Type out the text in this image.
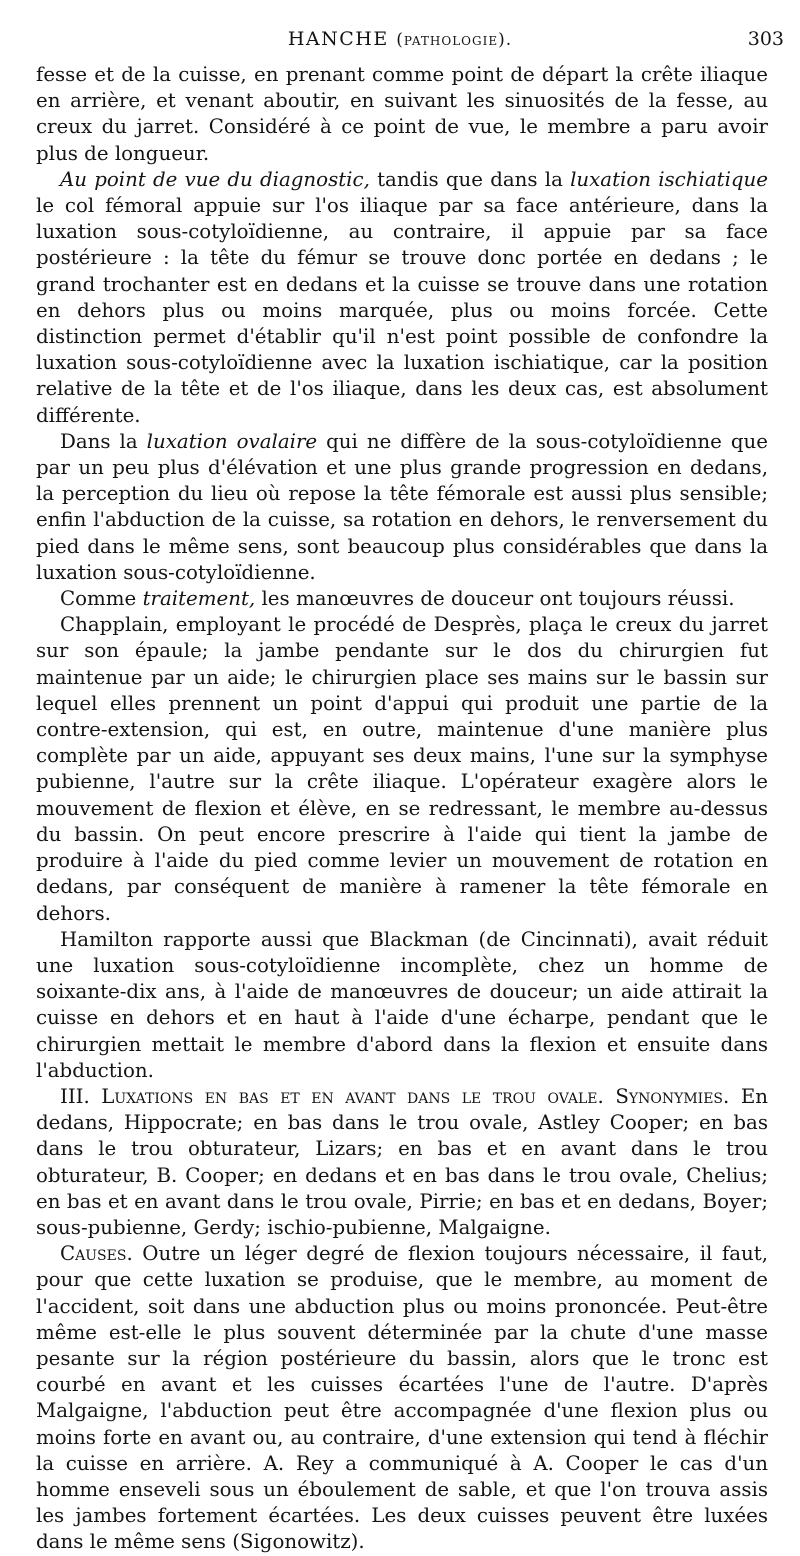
HANCHE (pathologie).	303

fesse et de la cuisse, en prenant comme point de départ la crête iliaque en arrière, et venant aboutir, en suivant les sinuosités de la fesse, au creux du jarret. Considéré à ce point de vue, le membre a paru avoir plus de longueur.

Au point de vue du diagnostic, tandis que dans la luxation ischiatique le col fémoral appuie sur l'os iliaque par sa face antérieure, dans la luxation sous-cotyloïdienne, au contraire, il appuie par sa face postérieure : la tête du fémur se trouve donc portée en dedans ; le grand trochanter est en dedans et la cuisse se trouve dans une rotation en dehors plus ou moins marquée, plus ou moins forcée. Cette distinction permet d'établir qu'il n'est point possible de confondre la luxation sous-cotyloïdienne avec la luxation ischiatique, car la position relative de la tête et de l'os iliaque, dans les deux cas, est absolument différente.

Dans la luxation ovalaire qui ne diffère de la sous-cotyloïdienne que par un peu plus d'élévation et une plus grande progression en dedans, la perception du lieu où repose la tête fémorale est aussi plus sensible; enfin l'abduction de la cuisse, sa rotation en dehors, le renversement du pied dans le même sens, sont beaucoup plus considérables que dans la luxation sous-cotyloïdienne.

Comme traitement, les manœuvres de douceur ont toujours réussi.

Chapplain, employant le procédé de Desprès, plaça le creux du jarret sur son épaule; la jambe pendante sur le dos du chirurgien fut maintenue par un aide; le chirurgien place ses mains sur le bassin sur lequel elles prennent un point d'appui qui produit une partie de la contre-extension, qui est, en outre, maintenue d'une manière plus complète par un aide, appuyant ses deux mains, l'une sur la symphyse pubienne, l'autre sur la crête iliaque. L'opérateur exagère alors le mouvement de flexion et élève, en se redressant, le membre au-dessus du bassin. On peut encore prescrire à l'aide qui tient la jambe de produire à l'aide du pied comme levier un mouvement de rotation en dedans, par conséquent de manière à ramener la tête fémorale en dehors.

Hamilton rapporte aussi que Blackman (de Cincinnati), avait réduit une luxation sous-cotyloïdienne incomplète, chez un homme de soixante-dix ans, à l'aide de manœuvres de douceur; un aide attirait la cuisse en dehors et en haut à l'aide d'une écharpe, pendant que le chirurgien mettait le membre d'abord dans la flexion et ensuite dans l'abduction.

III. Luxations en bas et en avant dans le trou ovale. Synonymies. En dedans, Hippocrate; en bas dans le trou ovale, Astley Cooper; en bas dans le trou obturateur, Lizars; en bas et en avant dans le trou obturateur, B. Cooper; en dedans et en bas dans le trou ovale, Chelius; en bas et en avant dans le trou ovale, Pirrie; en bas et en dedans, Boyer; sous-pubienne, Gerdy; ischio-pubienne, Malgaigne.

Causes. Outre un léger degré de flexion toujours nécessaire, il faut, pour que cette luxation se produise, que le membre, au moment de l'accident, soit dans une abduction plus ou moins prononcée. Peut-être même est-elle le plus souvent déterminée par la chute d'une masse pesante sur la région postérieure du bassin, alors que le tronc est courbé en avant et les cuisses écartées l'une de l'autre. D'après Malgaigne, l'abduction peut être accompagnée d'une flexion plus ou moins forte en avant ou, au contraire, d'une extension qui tend à fléchir la cuisse en arrière. A. Rey a communiqué à A. Cooper le cas d'un homme enseveli sous un éboulement de sable, et que l'on trouva assis les jambes fortement écartées. Les deux cuisses peuvent être luxées dans le même sens (Sigonowitz).
